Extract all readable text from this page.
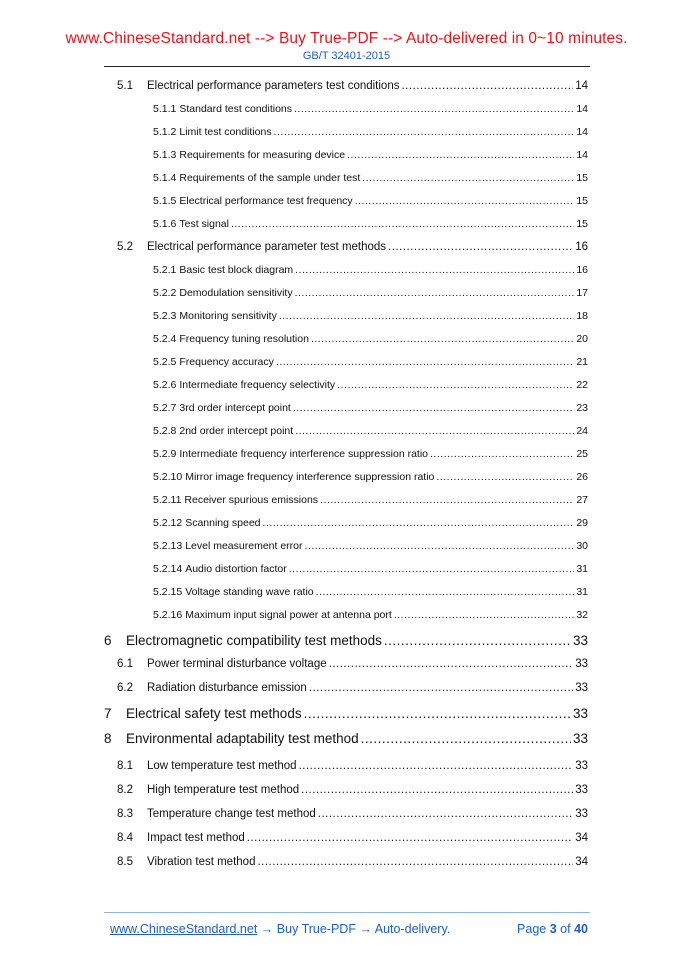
www.ChineseStandard.net --> Buy True-PDF --> Auto-delivered in 0~10 minutes.
GB/T 32401-2015
5.1	Electrical performance parameters test conditions .....	14
5.1.1 Standard test conditions .....	14
5.1.2 Limit test conditions .....	14
5.1.3 Requirements for measuring device .....	14
5.1.4 Requirements of the sample under test .....	15
5.1.5 Electrical performance test frequency .....	15
5.1.6 Test signal .....	15
5.2	Electrical performance parameter test methods .....	16
5.2.1 Basic test block diagram .....	16
5.2.2 Demodulation sensitivity .....	17
5.2.3 Monitoring sensitivity .....	18
5.2.4 Frequency tuning resolution .....	20
5.2.5 Frequency accuracy .....	21
5.2.6 Intermediate frequency selectivity .....	22
5.2.7 3rd order intercept point .....	23
5.2.8 2nd order intercept point .....	24
5.2.9 Intermediate frequency interference suppression ratio .....	25
5.2.10 Mirror image frequency interference suppression ratio .....	26
5.2.11 Receiver spurious emissions .....	27
5.2.12 Scanning speed .....	29
5.2.13 Level measurement error .....	30
5.2.14 Audio distortion factor .....	31
5.2.15 Voltage standing wave ratio .....	31
5.2.16 Maximum input signal power at antenna port .....	32
6	Electromagnetic compatibility test methods .....	33
6.1	Power terminal disturbance voltage .....	33
6.2	Radiation disturbance emission .....	33
7	Electrical safety test methods .....	33
8	Environmental adaptability test method .....	33
8.1	Low temperature test method .....	33
8.2	High temperature test method .....	33
8.3	Temperature change test method .....	33
8.4	Impact test method .....	34
8.5	Vibration test method .....	34
www.ChineseStandard.net → Buy True-PDF → Auto-delivery.	Page 3 of 40
